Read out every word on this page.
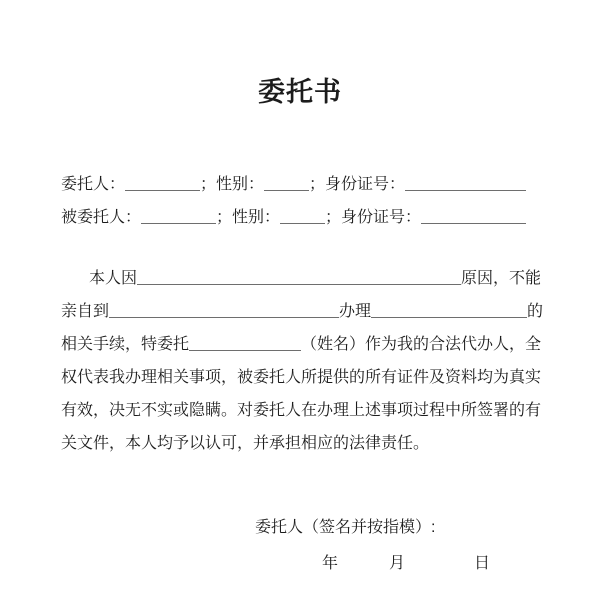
委托书
委托人：	；性别：	；身份证号：
被委托人：	；性别：	；身份证号：
本人因	原因，不能
亲自到	办理	的
相关手续，特委托	（姓名）作为我的合法代办人，全
权代表我办理相关事项，被委托人所提供的所有证件及资料均为真实
有效，决无不实或隐瞒。对委托人在办理上述事项过程中所签署的有
关文件，本人均予以认可，并承担相应的法律责任。
委托人（签名并按指模）:
年	月	日
